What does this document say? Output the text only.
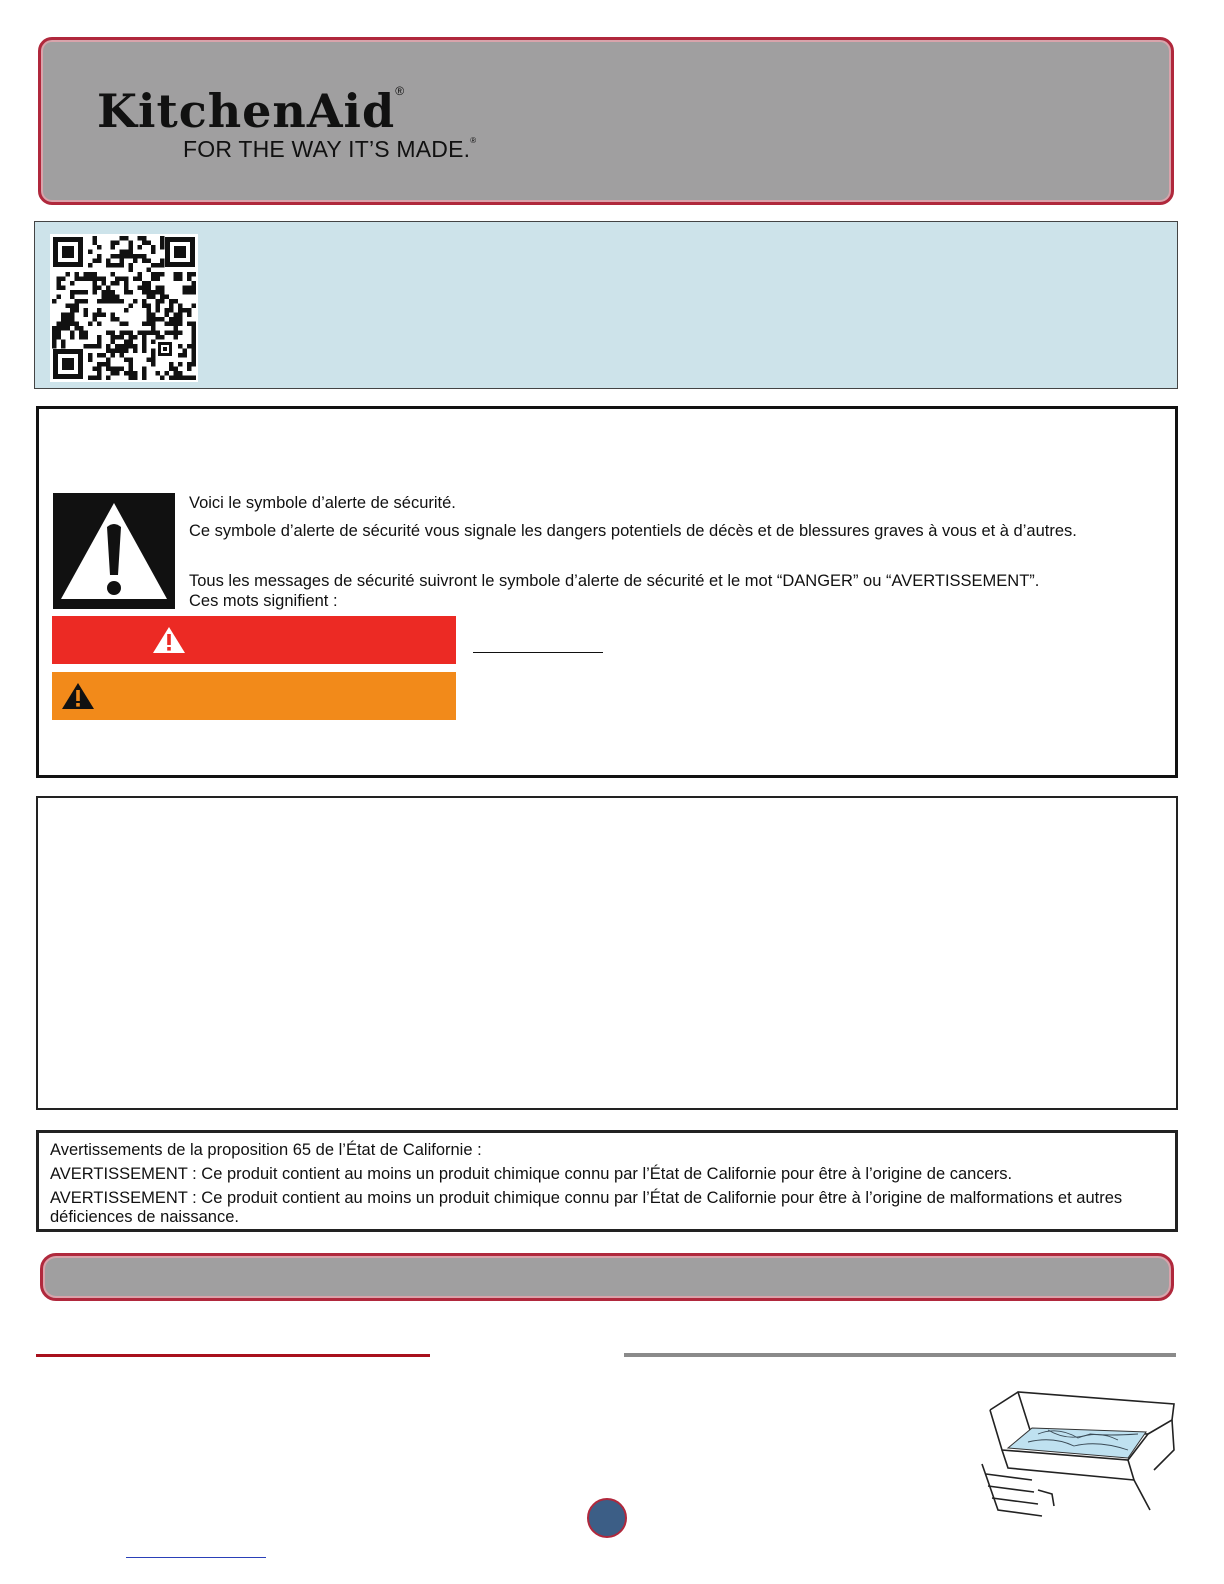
KitchenAid®
FOR THE WAY IT’S MADE.®
Voici le symbole d’alerte de sécurité.
Ce symbole d’alerte de sécurité vous signale les dangers potentiels de décès et de blessures graves à vous et à d’autres.
Tous les messages de sécurité suivront le symbole d’alerte de sécurité et le mot “DANGER” ou “AVERTISSEMENT”.
Ces mots signifient :
Avertissements de la proposition 65 de l’État de Californie :
AVERTISSEMENT : Ce produit contient au moins un produit chimique connu par l’État de Californie pour être à l’origine de cancers.
AVERTISSEMENT : Ce produit contient au moins un produit chimique connu par l’État de Californie pour être à l’origine de malformations et autres déficiences de naissance.
